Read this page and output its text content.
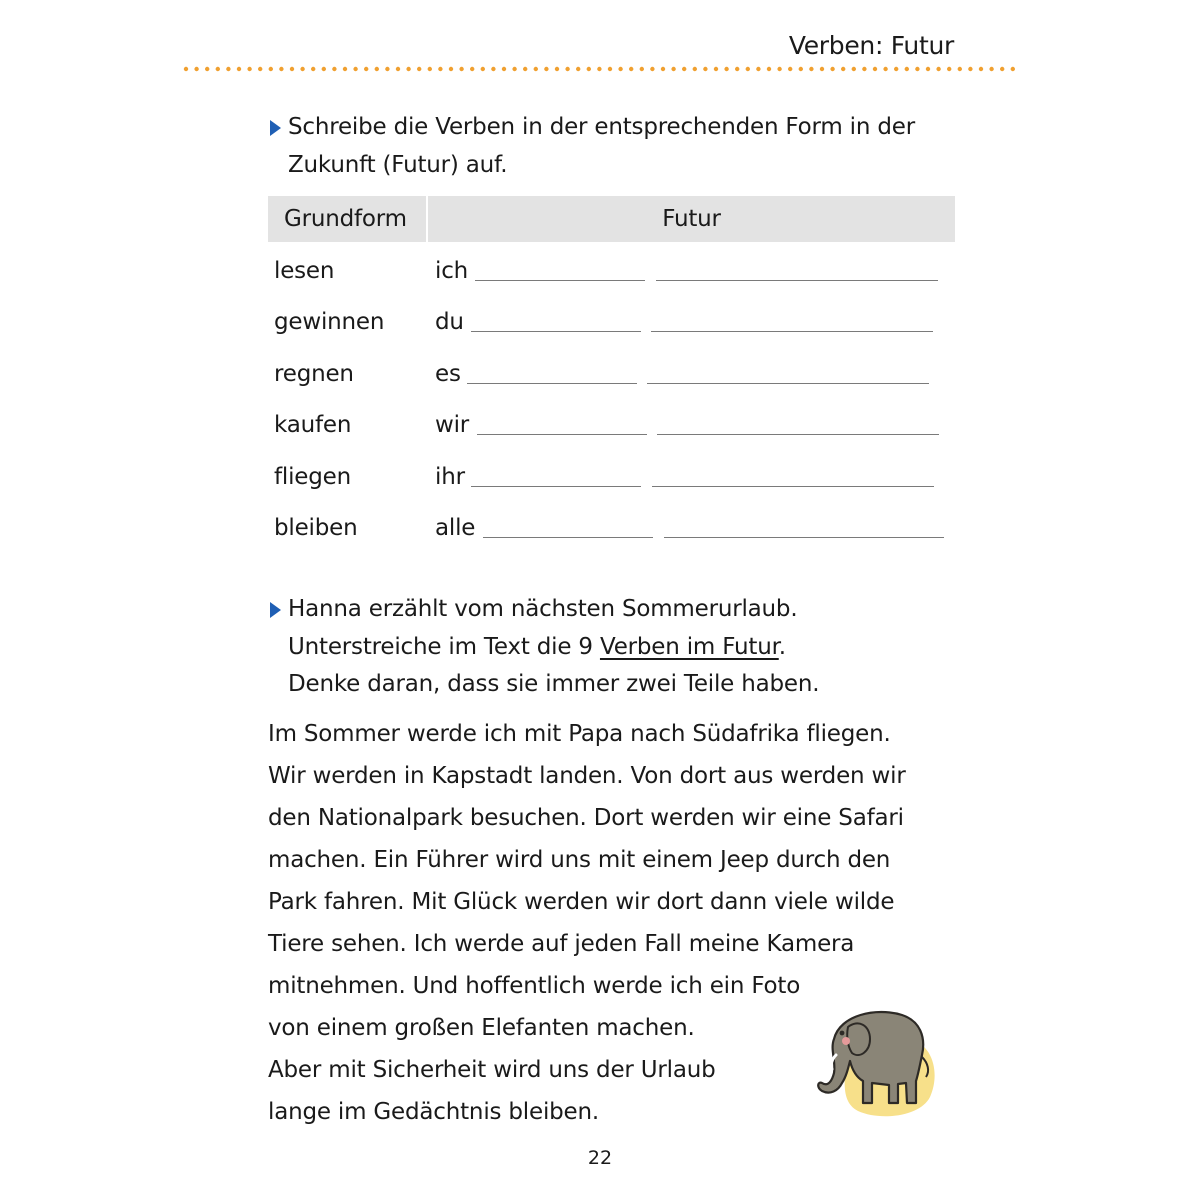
Verben: Futur
Schreibe die Verben in der entsprechenden Form in der
Zukunft (Futur) auf.
Grundform	Futur
lesen	ich
gewinnen du
regnen	es
kaufen	wir
fliegen	ihr
bleiben	alle
Hanna erzählt vom nächsten Sommerurlaub.
Unterstreiche im Text die 9 Verben im Futur.
Denke daran, dass sie immer zwei Teile haben.
Im Sommer werde ich mit Papa nach Südafrika fliegen.
Wir werden in Kapstadt landen. Von dort aus werden wir
den Nationalpark besuchen. Dort werden wir eine Safari
machen. Ein Führer wird uns mit einem Jeep durch den
Park fahren. Mit Glück werden wir dort dann viele wilde
Tiere sehen. Ich werde auf jeden Fall meine Kamera
mitnehmen. Und hoffentlich werde ich ein Foto
von einem großen Elefanten machen.
Aber mit Sicherheit wird uns der Urlaub
lange im Gedächtnis bleiben.
22
